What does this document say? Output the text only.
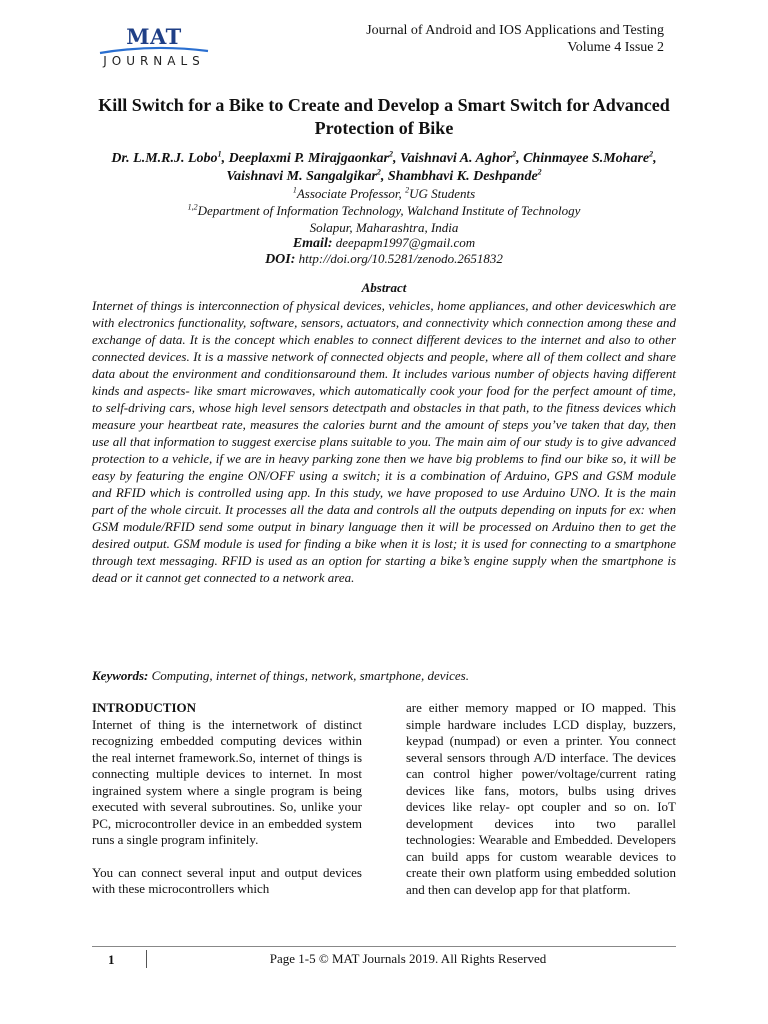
MAT
JOURNALS
Journal of Android and IOS Applications and Testing
Volume 4 Issue 2
Kill Switch for a Bike to Create and Develop a Smart Switch for Advanced Protection of Bike
Dr. L.M.R.J. Lobo$^1$, Deeplaxmi P. Mirajgaonkar$^2$, Vaishnavi A. Aghor$^2$, Chinmayee S.Mohare$^2$, Vaishnavi M. Sangalgikar$^2$, Shambhavi K. Deshpande$^2$
$^1$Associate Professor, $^2$UG Students
$^{1,2}$Department of Information Technology, Walchand Institute of Technology
Solapur, Maharashtra, India
Email: deepapm1997@gmail.com
DOI: http://doi.org/10.5281/zenodo.2651832
Abstract
Internet of things is interconnection of physical devices, vehicles, home appliances, and other deviceswhich are with electronics functionality, software, sensors, actuators, and connectivity which connection among these and exchange of data. It is the concept which enables to connect different devices to the internet and also to other connected devices. It is a massive network of connected objects and people, where all of them collect and share data about the environment and conditionsaround them. It includes various number of objects having different kinds and aspects- like smart microwaves, which automatically cook your food for the perfect amount of time, to self-driving cars, whose high level sensors detectpath and obstacles in that path, to the fitness devices which measure your heartbeat rate, measures the calories burnt and the amount of steps you’ve taken that day, then use all that information to suggest exercise plans suitable to you. The main aim of our study is to give advanced protection to a vehicle, if we are in heavy parking zone then we have big problems to find our bike so, it will be easy by featuring the engine ON/OFF using a switch; it is a combination of Arduino, GPS and GSM module and RFID which is controlled using app. In this study, we have proposed to use Arduino UNO. It is the main part of the whole circuit. It processes all the data and controls all the outputs depending on inputs for ex: when GSM module/RFID send some output in binary language then it will be processed on Arduino then to get the desired output. GSM module is used for finding a bike when it is lost; it is used for connecting to a smartphone through text messaging. RFID is used as an option for starting a bike’s engine supply when the smartphone is dead or it cannot get connected to a network area.
Keywords: Computing, internet of things, network, smartphone, devices.

INTRODUCTION

Internet of thing is the internetwork of distinct recognizing embedded computing devices within the real internet framework.So, internet of things is connecting multiple devices to internet. In most ingrained system where a single program is being executed with several subroutines. So, unlike your PC, microcontroller device in an embedded system runs a single program infinitely.

You can connect several input and output devices with these microcontrollers which

are either memory mapped or IO mapped. This simple hardware includes LCD display, buzzers, keypad (numpad) or even a printer. You connect several sensors through A/D interface. The devices can control higher power/voltage/current rating devices like fans, motors, bulbs using drives devices like relay- opt coupler and so on. IoT development devices into two parallel technologies: Wearable and Embedded. Developers can build apps for custom wearable devices to create their own platform using embedded solution and then can develop app for that platform.

1	Page 1-5 © MAT Journals 2019. All Rights Reserved
